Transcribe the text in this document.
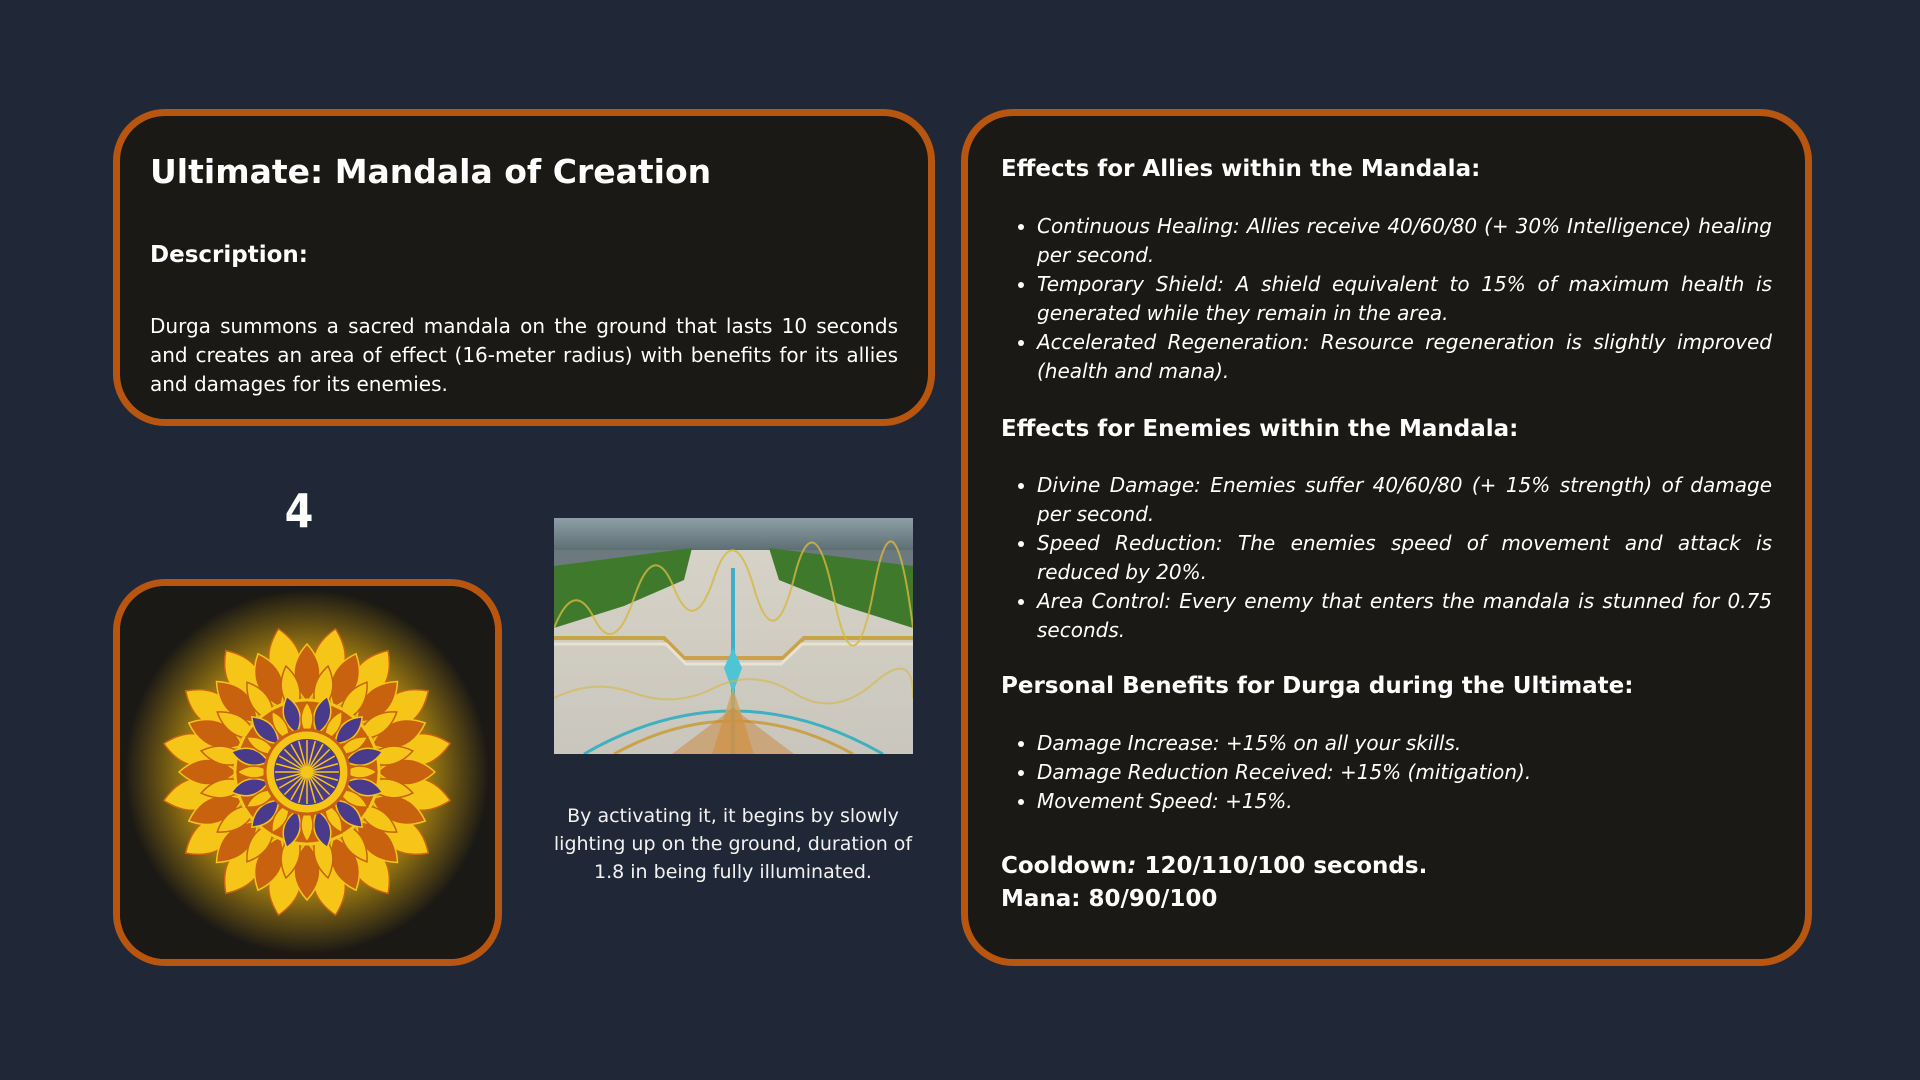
Ultimate: Mandala of Creation
Description:

Durga summons a sacred mandala on the ground that lasts 10 seconds and creates an area of effect (16-meter radius) with benefits for its allies and damages for its enemies.

4
By activating it, it begins by slowly lighting up on the ground, duration of 1.8 in being fully illuminated.
Effects for Allies within the Mandala:
• Continuous Healing: Allies receive 40/60/80 (+ 30% Intelligence) healing per second.
• Temporary Shield: A shield equivalent to 15% of maximum health is generated while they remain in the area.
• Accelerated Regeneration: Resource regeneration is slightly improved (health and mana).
Effects for Enemies within the Mandala:
• Divine Damage: Enemies suffer 40/60/80 (+ 15% strength) of damage per second.
• Speed Reduction: The enemies speed of movement and attack is reduced by 20%.
• Area Control: Every enemy that enters the mandala is stunned for 0.75 seconds.
Personal Benefits for Durga during the Ultimate:
• Damage Increase: +15% on all your skills.
• Damage Reduction Received: +15% (mitigation).
• Movement Speed: +15%.
Cooldown: 120/110/100 seconds.
Mana: 80/90/100
